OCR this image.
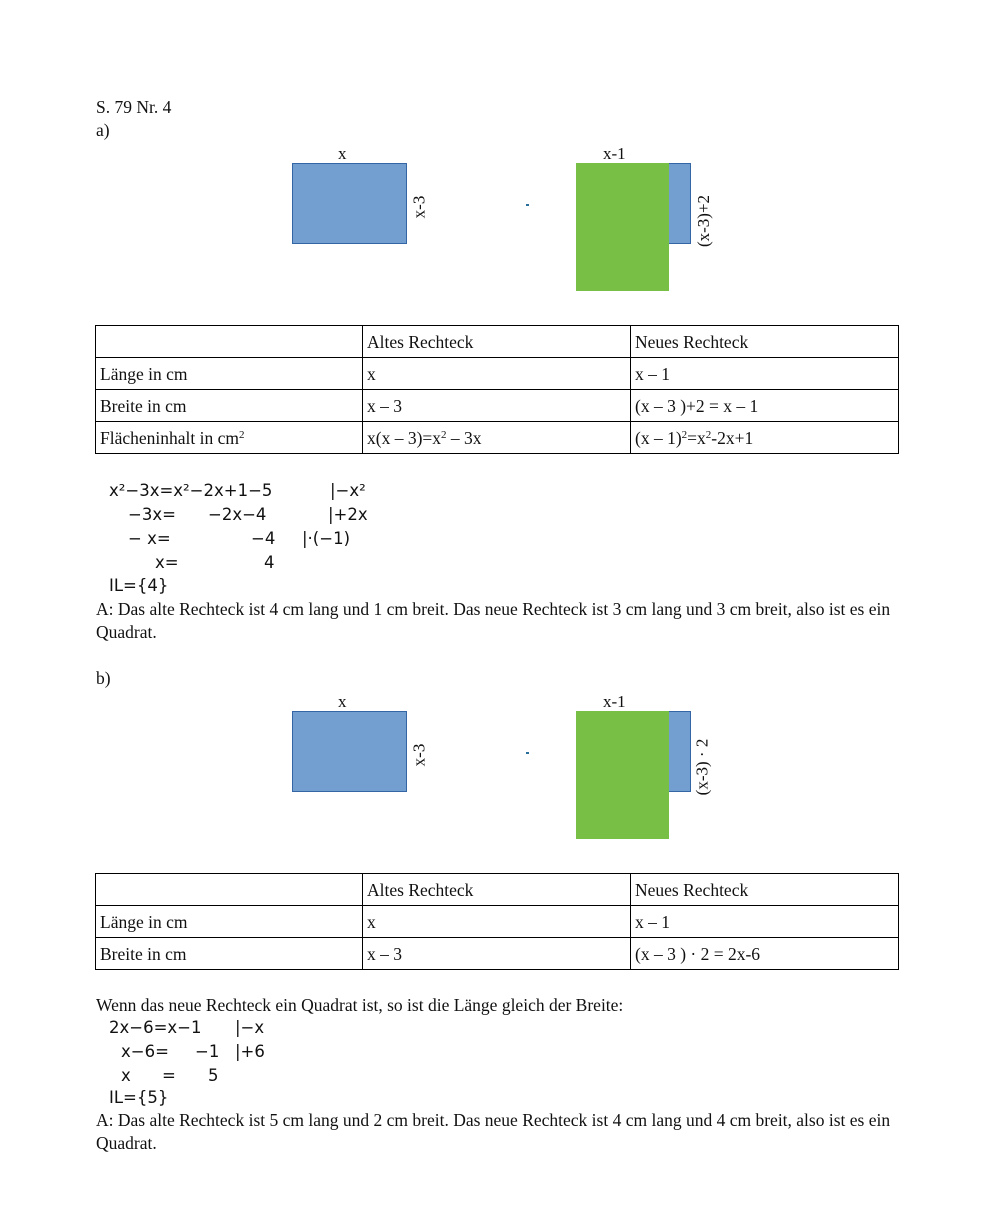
S. 79 Nr. 4
a)
x
x-3
x-1
(x-3)+2
	Altes Rechteck	Neues Rechteck
Länge in cm	x	x – 1
Breite in cm	x – 3	(x – 3 )+2 = x – 1
Flächeninhalt in $cm^2$	$x(x - 3)=x^2 - 3x$	$(x - 1)^2=x^2-2x+1$
x²−3x=x²−2x+1−5	|−x²
−3x= −2x−4	|+2x
− x=	−4 |·(−1)
x=	4
IL={4}
A: Das alte Rechteck ist 4 cm lang und 1 cm breit. Das neue Rechteck ist 3 cm lang und 3 cm breit, also ist es ein Quadrat.
b)
x
x-3
x-1
(x-3) · 2
	Altes Rechteck	Neues Rechteck
Länge in cm	x	x – 1
Breite in cm	x – 3	(x – 3 ) · 2 = 2x-6
Wenn das neue Rechteck ein Quadrat ist, so ist die Länge gleich der Breite:
2x−6=x−1 |−x
x−6= −1 |+6
x = 5
IL={5}
A: Das alte Rechteck ist 5 cm lang und 2 cm breit. Das neue Rechteck ist 4 cm lang und 4 cm breit, also ist es ein Quadrat.
